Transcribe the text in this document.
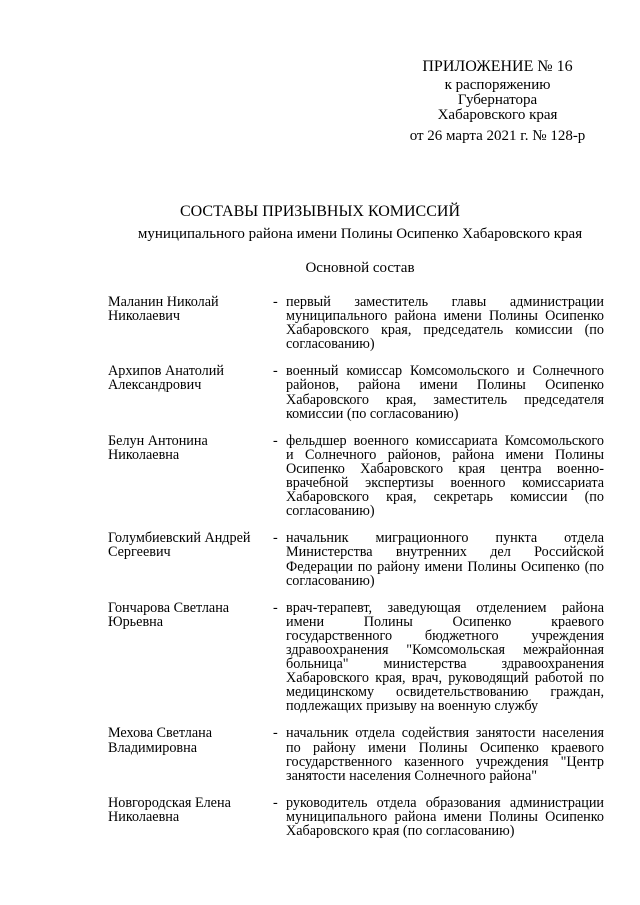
ПРИЛОЖЕНИЕ № 16
к распоряжению
Губернатора
Хабаровского края
от 26 марта 2021 г. № 128-р
СОСТАВЫ ПРИЗЫВНЫХ КОМИССИЙ
муниципального района имени Полины Осипенко Хабаровского края
Основной состав
Маланин Николай
Николаевич
- первый заместитель главы администрации муниципального района имени Полины Осипенко Хабаровского края, председатель комиссии (по согласованию)
Архипов Анатолий
Александрович
- военный комиссар Комсомольского и Солнечного районов, района имени Полины Осипенко Хабаровского края, заместитель председателя комиссии (по согласованию)
Белун Антонина
Николаевна
- фельдшер военного комиссариата Комсомольского и Солнечного районов, района имени Полины Осипенко Хабаровского края центра военно-врачебной экспертизы военного комиссариата Хабаровского края, секретарь комиссии (по согласованию)
Голумбиевский Андрей
Сергеевич
- начальник миграционного пункта отдела Министерства внутренних дел Российской Федерации по району имени Полины Осипенко (по согласованию)
Гончарова Светлана
Юрьевна
- врач-терапевт, заведующая отделением района имени Полины Осипенко краевого государственного бюджетного учреждения здравоохранения "Комсомольская межрайонная больница" министерства здравоохранения Хабаровского края, врач, руководящий работой по медицинскому освидетельствованию граждан, подлежащих призыву на военную службу
Мехова Светлана
Владимировна
- начальник отдела содействия занятости населения по району имени Полины Осипенко краевого государственного казенного учреждения "Центр занятости населения Солнечного района"
Новгородская Елена
Николаевна
- руководитель отдела образования администрации муниципального района имени Полины Осипенко Хабаровского края (по согласованию)
